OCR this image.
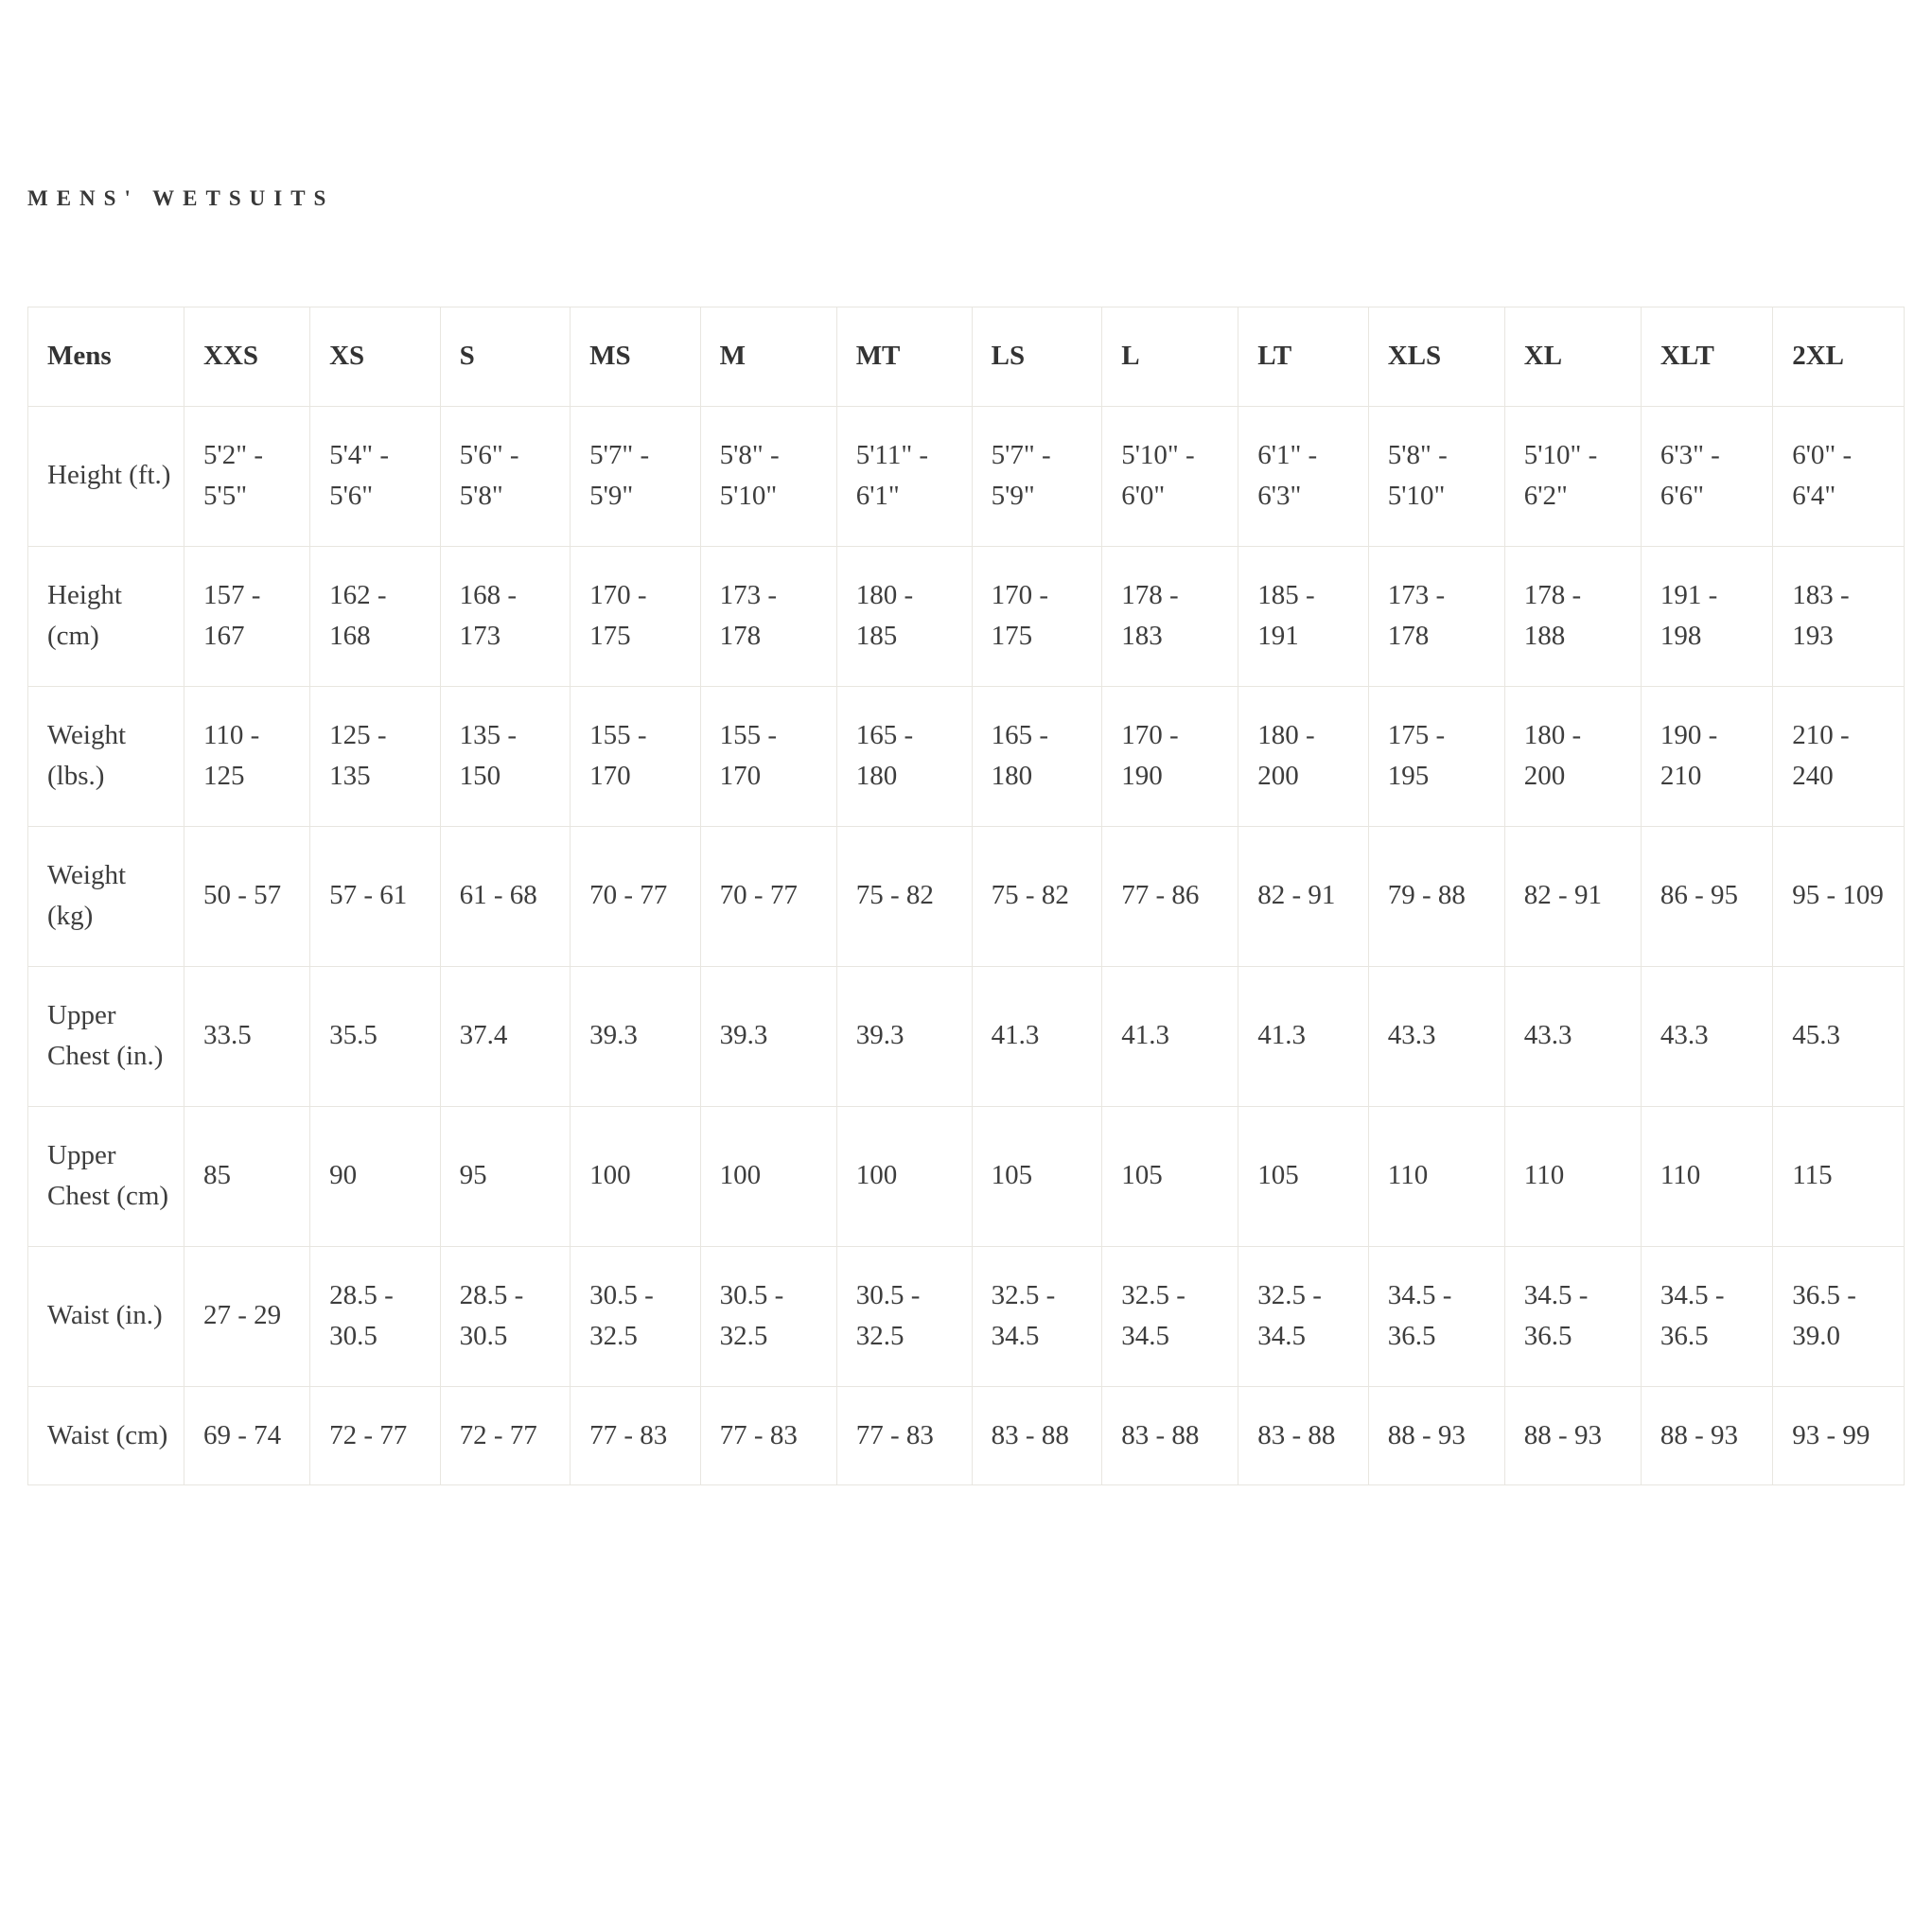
MENS' WETSUITS
Mens	XXS	XS	S	MS	M	MT	LS	L	LT	XLS	XL	XLT	2XL
Height (ft.)	5'2" - 5'5"	5'4" - 5'6"	5'6" - 5'8"	5'7" - 5'9"	5'8" - 5'10"	5'11" - 6'1"	5'7" - 5'9"	5'10" - 6'0"	6'1" - 6'3"	5'8" - 5'10"	5'10" - 6'2"	6'3" - 6'6"	6'0" - 6'4"
Height (cm)	157 - 167	162 - 168	168 - 173	170 - 175	173 - 178	180 - 185	170 - 175	178 - 183	185 - 191	173 - 178	178 - 188	191 - 198	183 - 193
Weight (lbs.)	110 - 125	125 - 135	135 - 150	155 - 170	155 - 170	165 - 180	165 - 180	170 - 190	180 - 200	175 - 195	180 - 200	190 - 210	210 - 240
Weight (kg)	50 - 57	57 - 61	61 - 68	70 - 77	70 - 77	75 - 82	75 - 82	77 - 86	82 - 91	79 - 88	82 - 91	86 - 95	95 - 109
Upper Chest (in.)	33.5	35.5	37.4	39.3	39.3	39.3	41.3	41.3	41.3	43.3	43.3	43.3	45.3
Upper Chest (cm)	85	90	95	100	100	100	105	105	105	110	110	110	115
Waist (in.)	27 - 29	28.5 - 30.5	28.5 - 30.5	30.5 - 32.5	30.5 - 32.5	30.5 - 32.5	32.5 - 34.5	32.5 - 34.5	32.5 - 34.5	34.5 - 36.5	34.5 - 36.5	34.5 - 36.5	36.5 - 39.0
Waist (cm)	69 - 74	72 - 77	72 - 77	77 - 83	77 - 83	77 - 83	83 - 88	83 - 88	83 - 88	88 - 93	88 - 93	88 - 93	93 - 99
